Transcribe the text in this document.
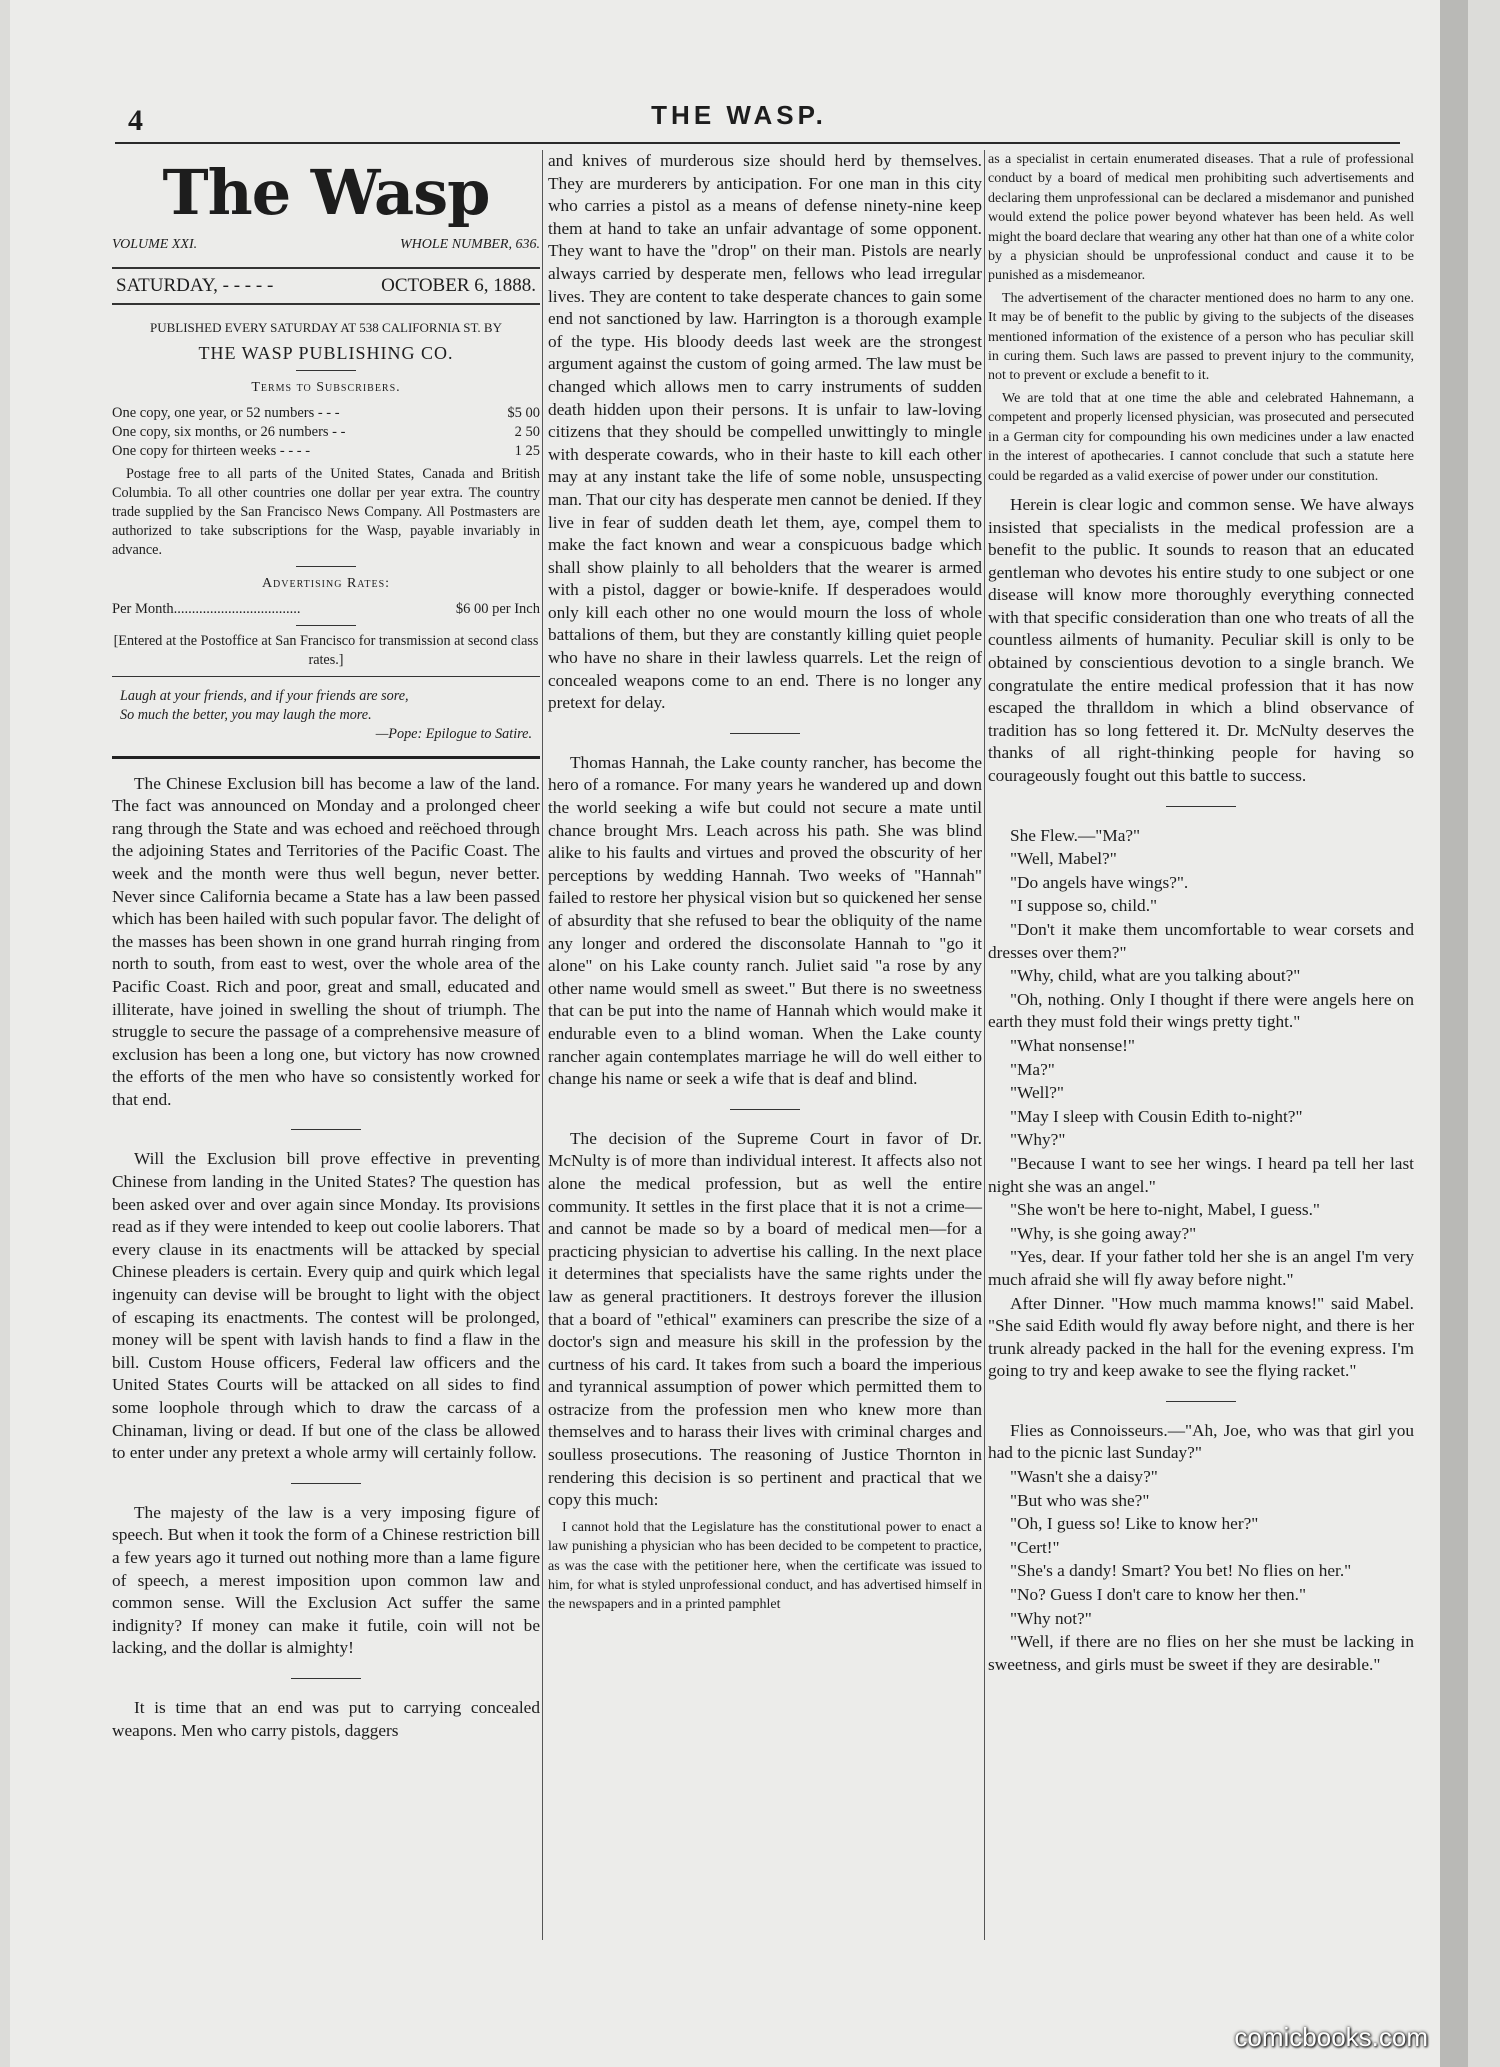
4	THE WASP.
The Wasp
VOLUME XXI.	WHOLE NUMBER, 636.
SATURDAY, - - - - -	OCTOBER 6, 1888.
PUBLISHED EVERY SATURDAY AT 538 CALIFORNIA ST. BY
THE WASP PUBLISHING CO.
Terms to Subscribers.
One copy, one year, or 52 numbers - - -	$5 00
One copy, six months, or 26 numbers - -	2 50
One copy for thirteen weeks - - - -	1 25
Postage free to all parts of the United States, Canada and British Columbia. To all other countries one dollar per year extra. The country trade supplied by the San Francisco News Company. All Postmasters are authorized to take subscriptions for the Wasp, payable invariably in advance.
Advertising Rates:
Per Month...................................	$6 00 per Inch
[Entered at the Postoffice at San Francisco for transmission at second class rates.]
Laugh at your friends, and if your friends are sore,
So much the better, you may laugh the more.
—Pope: Epilogue to Satire.

The Chinese Exclusion bill has become a law of the land. The fact was announced on Monday and a prolonged cheer rang through the State and was echoed and reëchoed through the adjoining States and Territories of the Pacific Coast. The week and the month were thus well begun, never better. Never since California became a State has a law been passed which has been hailed with such popular favor. The delight of the masses has been shown in one grand hurrah ringing from north to south, from east to west, over the whole area of the Pacific Coast. Rich and poor, great and small, educated and illiterate, have joined in swelling the shout of triumph. The struggle to secure the passage of a comprehensive measure of exclusion has been a long one, but victory has now crowned the efforts of the men who have so consistently worked for that end.

Will the Exclusion bill prove effective in preventing Chinese from landing in the United States? The question has been asked over and over again since Monday. Its provisions read as if they were intended to keep out coolie laborers. That every clause in its enactments will be attacked by special Chinese pleaders is certain. Every quip and quirk which legal ingenuity can devise will be brought to light with the object of escaping its enactments. The contest will be prolonged, money will be spent with lavish hands to find a flaw in the bill. Custom House officers, Federal law officers and the United States Courts will be attacked on all sides to find some loophole through which to draw the carcass of a Chinaman, living or dead. If but one of the class be allowed to enter under any pretext a whole army will certainly follow.

The majesty of the law is a very imposing figure of speech. But when it took the form of a Chinese restriction bill a few years ago it turned out nothing more than a lame figure of speech, a merest imposition upon common law and common sense. Will the Exclusion Act suffer the same indignity? If money can make it futile, coin will not be lacking, and the dollar is almighty!

It is time that an end was put to carrying concealed weapons. Men who carry pistols, daggers

and knives of murderous size should herd by themselves. They are murderers by anticipation. For one man in this city who carries a pistol as a means of defense ninety-nine keep them at hand to take an unfair advantage of some opponent. They want to have the "drop" on their man. Pistols are nearly always carried by desperate men, fellows who lead irregular lives. They are content to take desperate chances to gain some end not sanctioned by law. Harrington is a thorough example of the type. His bloody deeds last week are the strongest argument against the custom of going armed. The law must be changed which allows men to carry instruments of sudden death hidden upon their persons. It is unfair to law-loving citizens that they should be compelled unwittingly to mingle with desperate cowards, who in their haste to kill each other may at any instant take the life of some noble, unsuspecting man. That our city has desperate men cannot be denied. If they live in fear of sudden death let them, aye, compel them to make the fact known and wear a conspicuous badge which shall show plainly to all beholders that the wearer is armed with a pistol, dagger or bowie-knife. If desperadoes would only kill each other no one would mourn the loss of whole battalions of them, but they are constantly killing quiet people who have no share in their lawless quarrels. Let the reign of concealed weapons come to an end. There is no longer any pretext for delay.

Thomas Hannah, the Lake county rancher, has become the hero of a romance. For many years he wandered up and down the world seeking a wife but could not secure a mate until chance brought Mrs. Leach across his path. She was blind alike to his faults and virtues and proved the obscurity of her perceptions by wedding Hannah. Two weeks of "Hannah" failed to restore her physical vision but so quickened her sense of absurdity that she refused to bear the obliquity of the name any longer and ordered the disconsolate Hannah to "go it alone" on his Lake county ranch. Juliet said "a rose by any other name would smell as sweet." But there is no sweetness that can be put into the name of Hannah which would make it endurable even to a blind woman. When the Lake county rancher again contemplates marriage he will do well either to change his name or seek a wife that is deaf and blind.

The decision of the Supreme Court in favor of Dr. McNulty is of more than individual interest. It affects also not alone the medical profession, but as well the entire community. It settles in the first place that it is not a crime—and cannot be made so by a board of medical men—for a practicing physician to advertise his calling. In the next place it determines that specialists have the same rights under the law as general practitioners. It destroys forever the illusion that a board of "ethical" examiners can prescribe the size of a doctor's sign and measure his skill in the profession by the curtness of his card. It takes from such a board the imperious and tyrannical assumption of power which permitted them to ostracize from the profession men who knew more than themselves and to harass their lives with criminal charges and soulless prosecutions. The reasoning of Justice Thornton in rendering this decision is so pertinent and practical that we copy this much:

I cannot hold that the Legislature has the constitutional power to enact a law punishing a physician who has been decided to be competent to practice, as was the case with the petitioner here, when the certificate was issued to him, for what is styled unprofessional conduct, and has advertised himself in the newspapers and in a printed pamphlet

as a specialist in certain enumerated diseases. That a rule of professional conduct by a board of medical men prohibiting such advertisements and declaring them unprofessional can be declared a misdemanor and punished would extend the police power beyond whatever has been held. As well might the board declare that wearing any other hat than one of a white color by a physician should be unprofessional conduct and cause it to be punished as a misdemeanor.

The advertisement of the character mentioned does no harm to any one. It may be of benefit to the public by giving to the subjects of the diseases mentioned information of the existence of a person who has peculiar skill in curing them. Such laws are passed to prevent injury to the community, not to prevent or exclude a benefit to it.

We are told that at one time the able and celebrated Hahnemann, a competent and properly licensed physician, was prosecuted and persecuted in a German city for compounding his own medicines under a law enacted in the interest of apothecaries. I cannot conclude that such a statute here could be regarded as a valid exercise of power under our constitution.

Herein is clear logic and common sense. We have always insisted that specialists in the medical profession are a benefit to the public. It sounds to reason that an educated gentleman who devotes his entire study to one subject or one disease will know more thoroughly everything connected with that specific consideration than one who treats of all the countless ailments of humanity. Peculiar skill is only to be obtained by conscientious devotion to a single branch. We congratulate the entire medical profession that it has now escaped the thralldom in which a blind observance of tradition has so long fettered it. Dr. McNulty deserves the thanks of all right-thinking people for having so courageously fought out this battle to success.

She Flew.—"Ma?"

"Well, Mabel?"

"Do angels have wings?".

"I suppose so, child."

"Don't it make them uncomfortable to wear corsets and dresses over them?"

"Why, child, what are you talking about?"

"Oh, nothing. Only I thought if there were angels here on earth they must fold their wings pretty tight."

"What nonsense!"

"Ma?"

"Well?"

"May I sleep with Cousin Edith to-night?"

"Why?"

"Because I want to see her wings. I heard pa tell her last night she was an angel."

"She won't be here to-night, Mabel, I guess."

"Why, is she going away?"

"Yes, dear. If your father told her she is an angel I'm very much afraid she will fly away before night."

After Dinner. "How much mamma knows!" said Mabel. "She said Edith would fly away before night, and there is her trunk already packed in the hall for the evening express. I'm going to try and keep awake to see the flying racket."

Flies as Connoisseurs.—"Ah, Joe, who was that girl you had to the picnic last Sunday?"

"Wasn't she a daisy?"

"But who was she?"

"Oh, I guess so! Like to know her?"

"Cert!"

"She's a dandy! Smart? You bet! No flies on her."

"No? Guess I don't care to know her then."

"Why not?"

"Well, if there are no flies on her she must be lacking in sweetness, and girls must be sweet if they are desirable."

comicbooks.com
